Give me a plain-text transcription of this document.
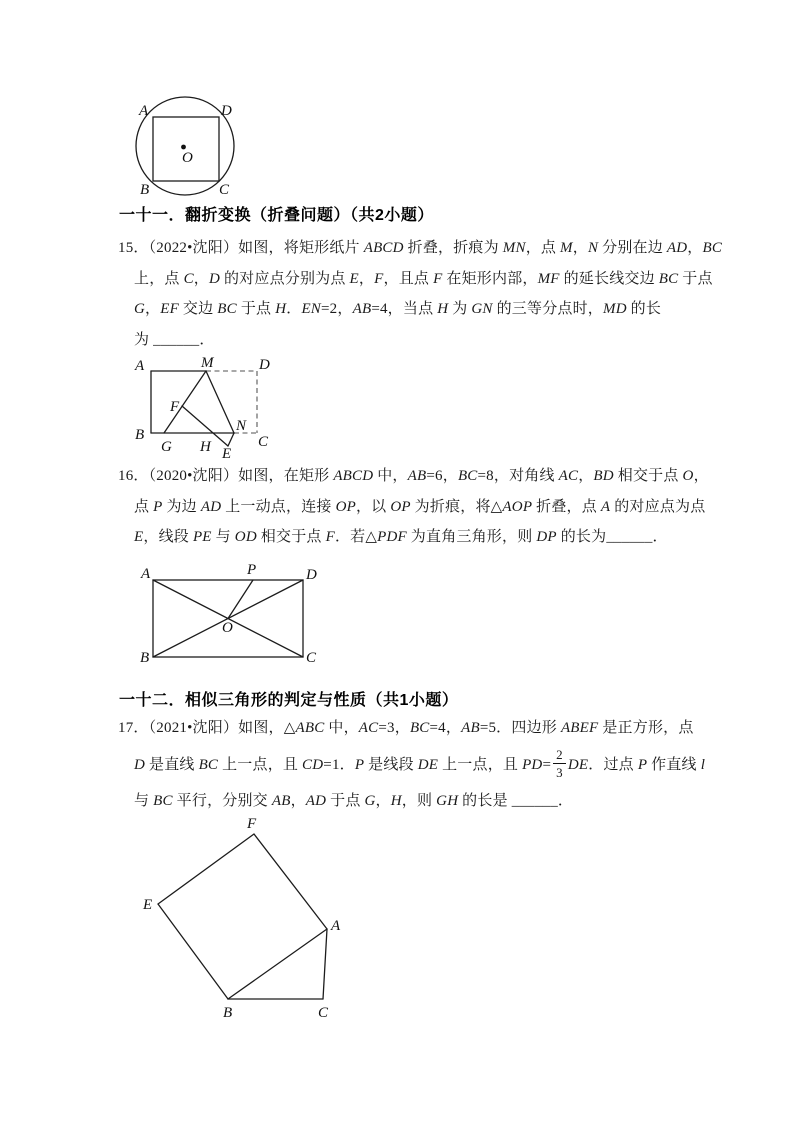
A	D
B	C
O
一十一．翻折变换（折叠问题）（共2小题）
15．（2022•沈阳）如图，将矩形纸片 ABCD 折叠，折痕为 MN，点 M，N 分别在边 AD，BC
上，点 C，D 的对应点分别为点 E，F，且点 F 在矩形内部，MF 的延长线交边 BC 于点
G，EF 交边 BC 于点 H．EN=2，AB=4，当点 H 为 GN 的三等分点时，MD 的长
为 ______．
A	M	D
F
B
G H
N
E
C
16．（2020•沈阳）如图，在矩形 ABCD 中，AB=6，BC=8，对角线 AC，BD 相交于点 O，
点 P 为边 AD 上一动点，连接 OP，以 OP 为折痕，将△AOP 折叠，点 A 的对应点为点
E，线段 PE 与 OD 相交于点 F．若△PDF 为直角三角形，则 DP 的长为______．
A	P	D
O
B	C
一十二．相似三角形的判定与性质（共1小题）
17．（2021•沈阳）如图，△ABC 中，AC=3，BC=4，AB=5．四边形 ABEF 是正方形，点
D 是直线 BC 上一点，且 CD=1．P 是线段 DE 上一点，且 $PD= \frac{2}{3}$ DE．过点 P 作直线 l
与 BC 平行，分别交 AB，AD 于点 G，H，则 GH 的长是 ______．
F
E
A
B	C
